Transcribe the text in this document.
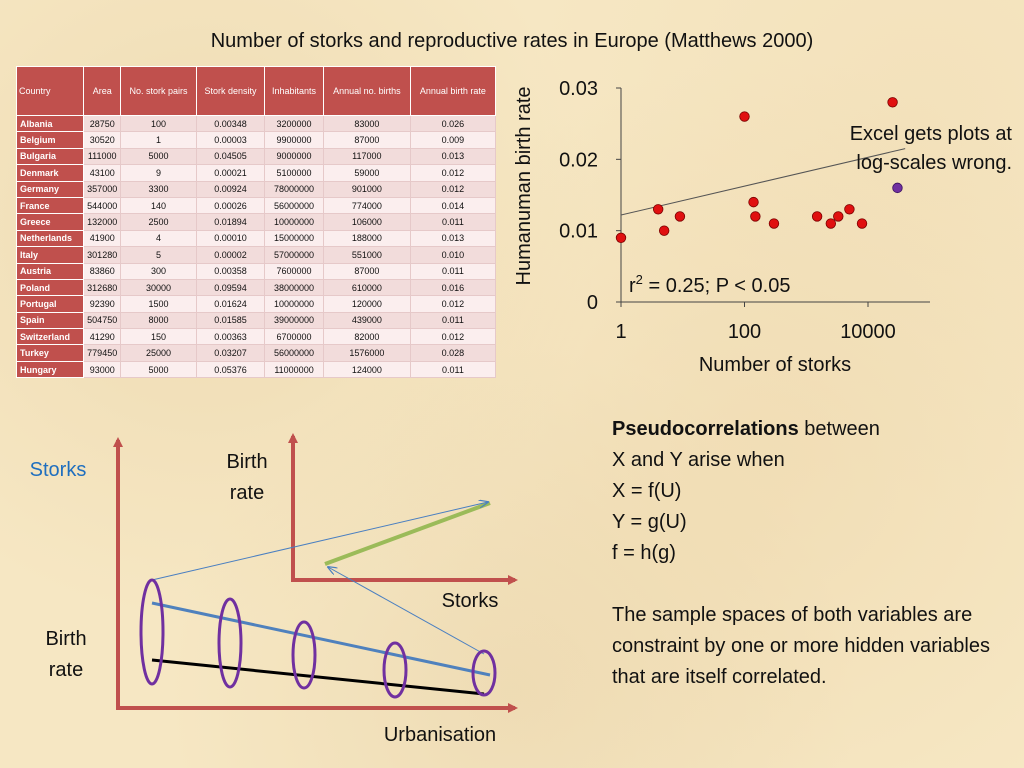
Number of storks and reproductive rates in Europe (Matthews 2000)
Country	Area	No. stork pairs	Stork density	Inhabitants	Annual no. births	Annual birth rate
Albania	28750	100	0.00348	3200000	83000	0.026
Belgium	30520	1	0.00003	9900000	87000	0.009
Bulgaria	111000	5000	0.04505	9000000	117000	0.013
Denmark	43100	9	0.00021	5100000	59000	0.012
Germany	357000	3300	0.00924	78000000	901000	0.012
France	544000	140	0.00026	56000000	774000	0.014
Greece	132000	2500	0.01894	10000000	106000	0.011
Netherlands	41900	4	0.00010	15000000	188000	0.013
Italy	301280	5	0.00002	57000000	551000	0.010
Austria	83860	300	0.00358	7600000	87000	0.011
Poland	312680	30000	0.09594	38000000	610000	0.016
Portugal	92390	1500	0.01624	10000000	120000	0.012
Spain	504750	8000	0.01585	39000000	439000	0.011
Switzerland	41290	150	0.00363	6700000	82000	0.012
Turkey	779450	25000	0.03207	56000000	1576000	0.028
Hungary	93000	5000	0.05376	11000000	124000	0.011
0
0.01
0.02
0.03
1	100	10000
Humanuman birth rate
Number of storks
$r^2 = 0.25$; P < 0.05
Excel gets plots at log-scales wrong.
Storks	Birth rate
Storks
Birth rate
Urbanisation

Pseudocorrelations between

X and Y arise when

X = f(U)

Y = g(U)

f = h(g)

The sample spaces of both variables are constraint by one or more hidden variables that are itself correlated.
